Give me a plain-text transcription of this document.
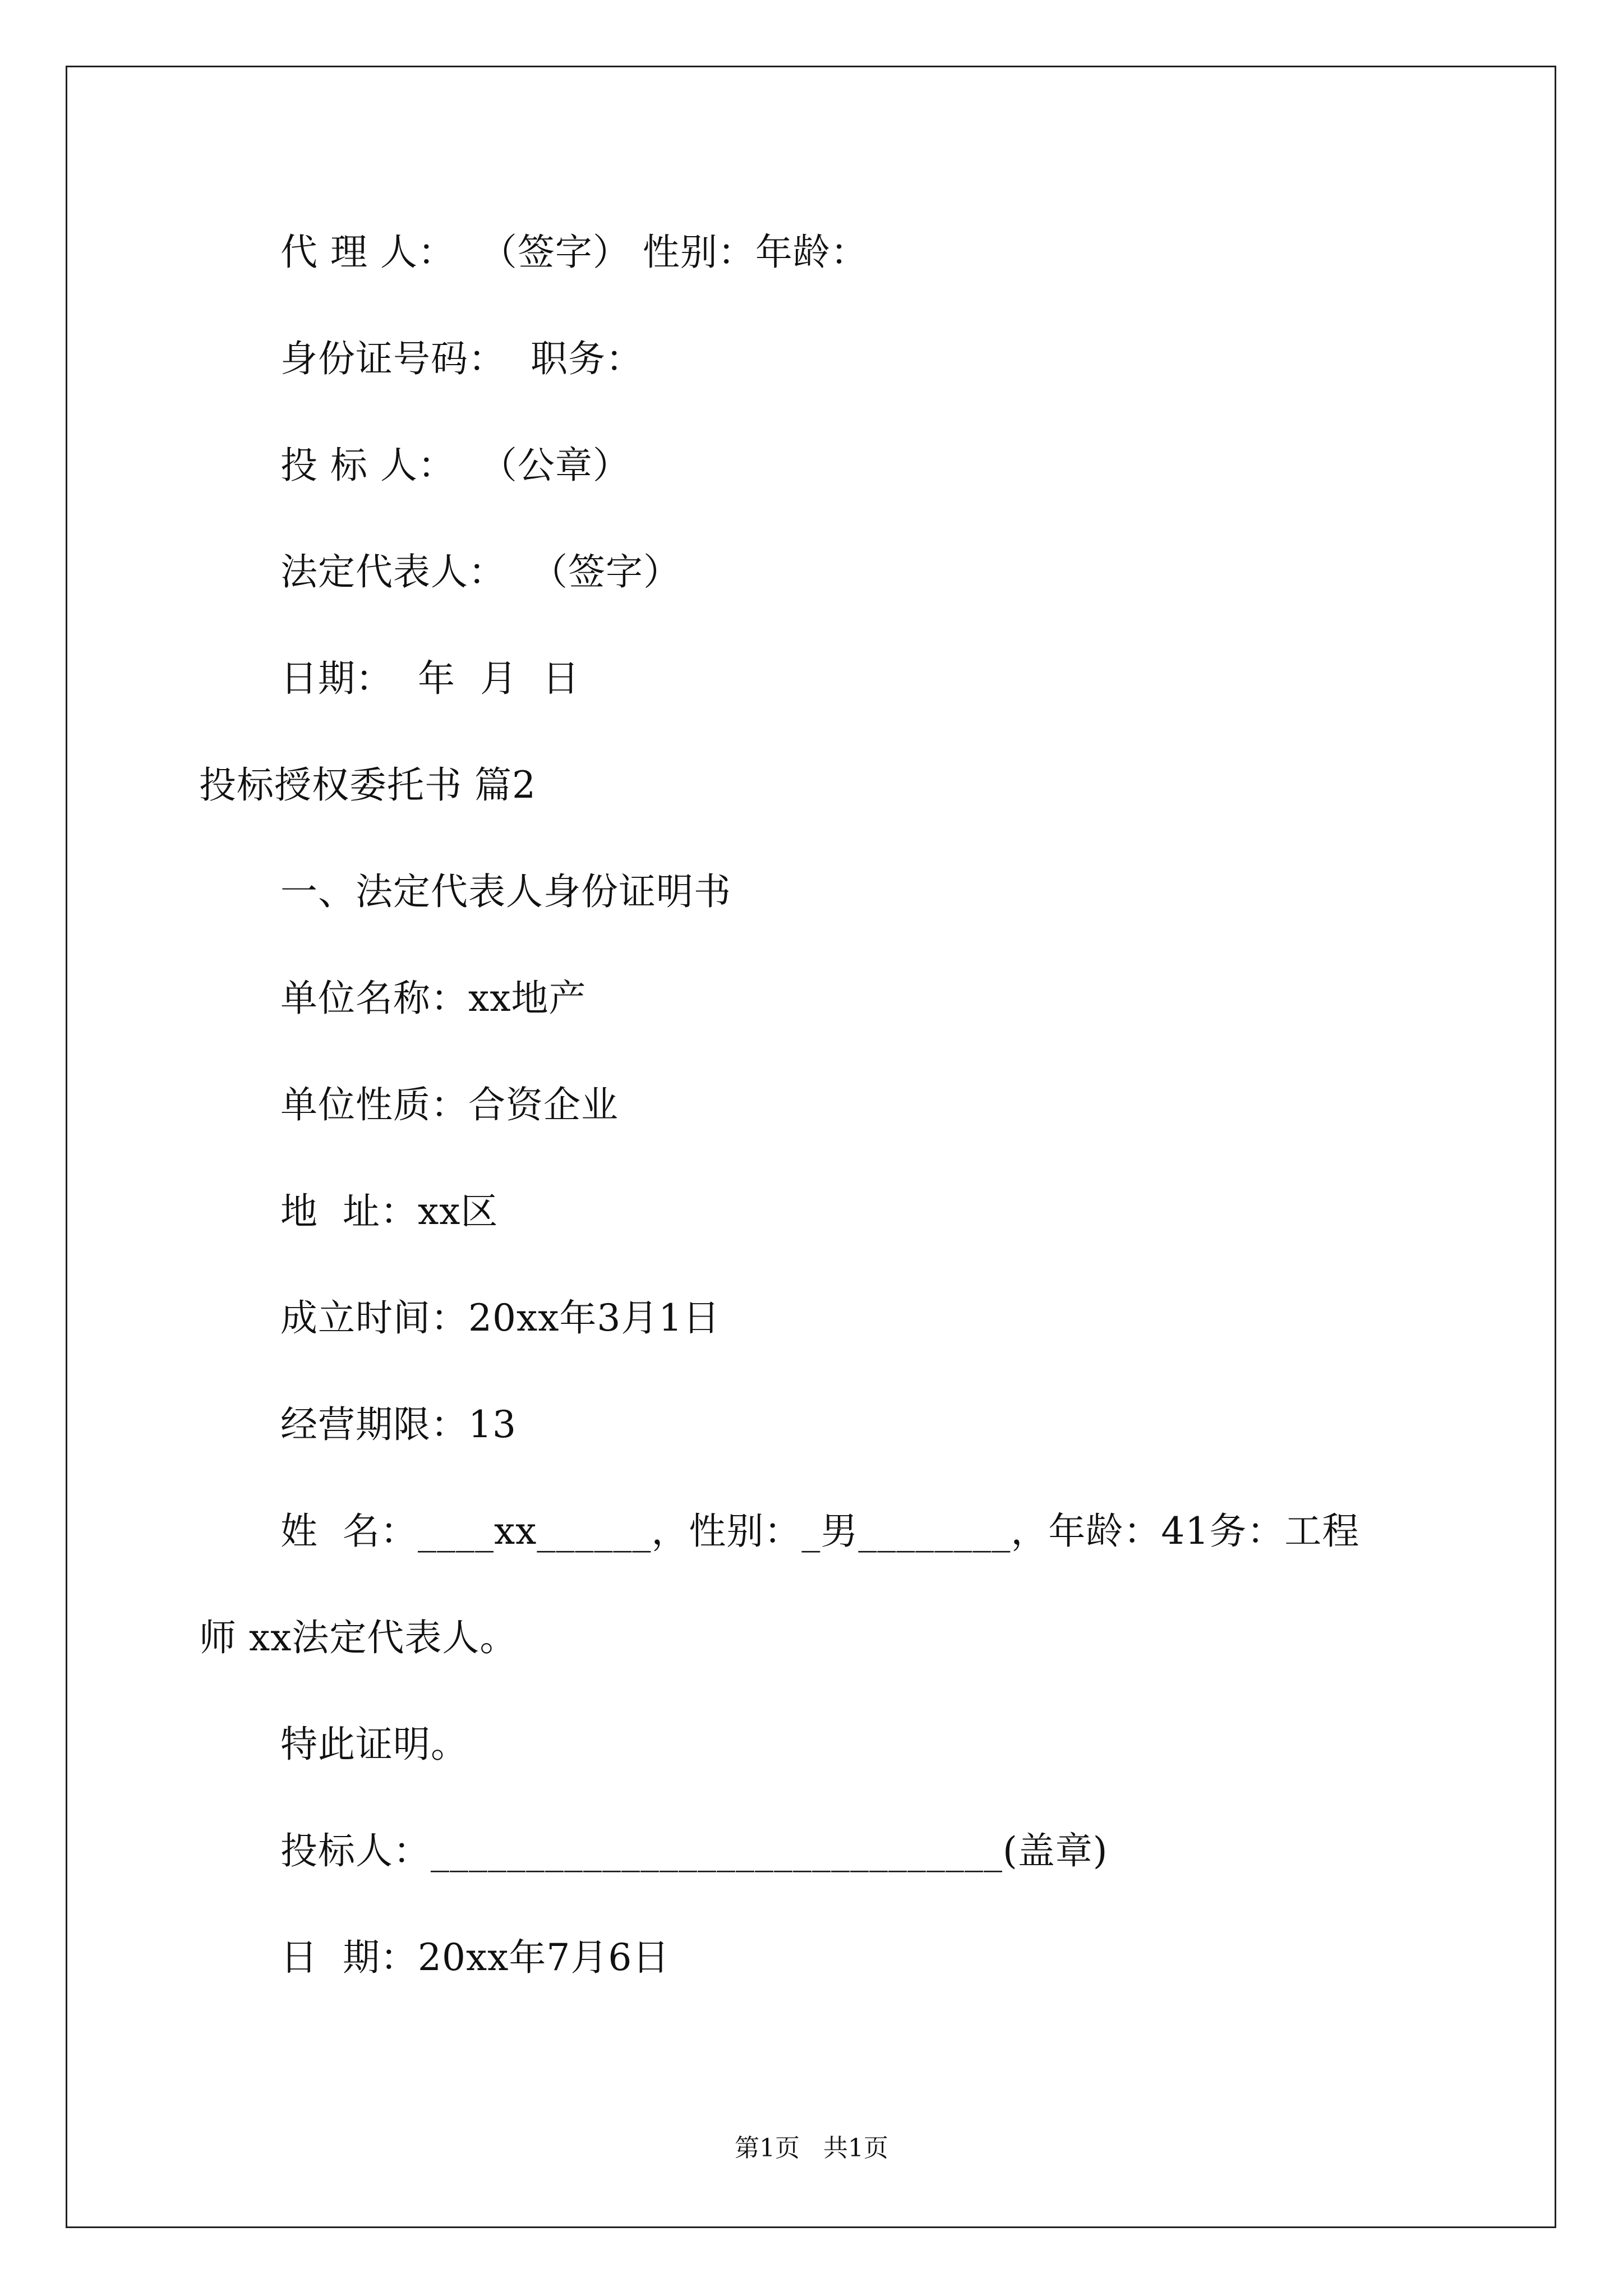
代 理 人：  （签字） 性别：年龄：
身份证号码：  职务：
投 标 人：  （公章）
法定代表人：  （签字）
日期：  年  月  日
投标授权委托书 篇2
一、法定代表人身份证明书
单位名称：xx地产
单位性质：合资企业
地  址：xx区
成立时间：20xx年3月1日
经营期限：13
姓  名：____xx______，性别：_男________，年龄：41务：工程
师 xx法定代表人。
特此证明。
投标人：______________________________(盖章)
日  期：20xx年7月6日
第1页   共1页
